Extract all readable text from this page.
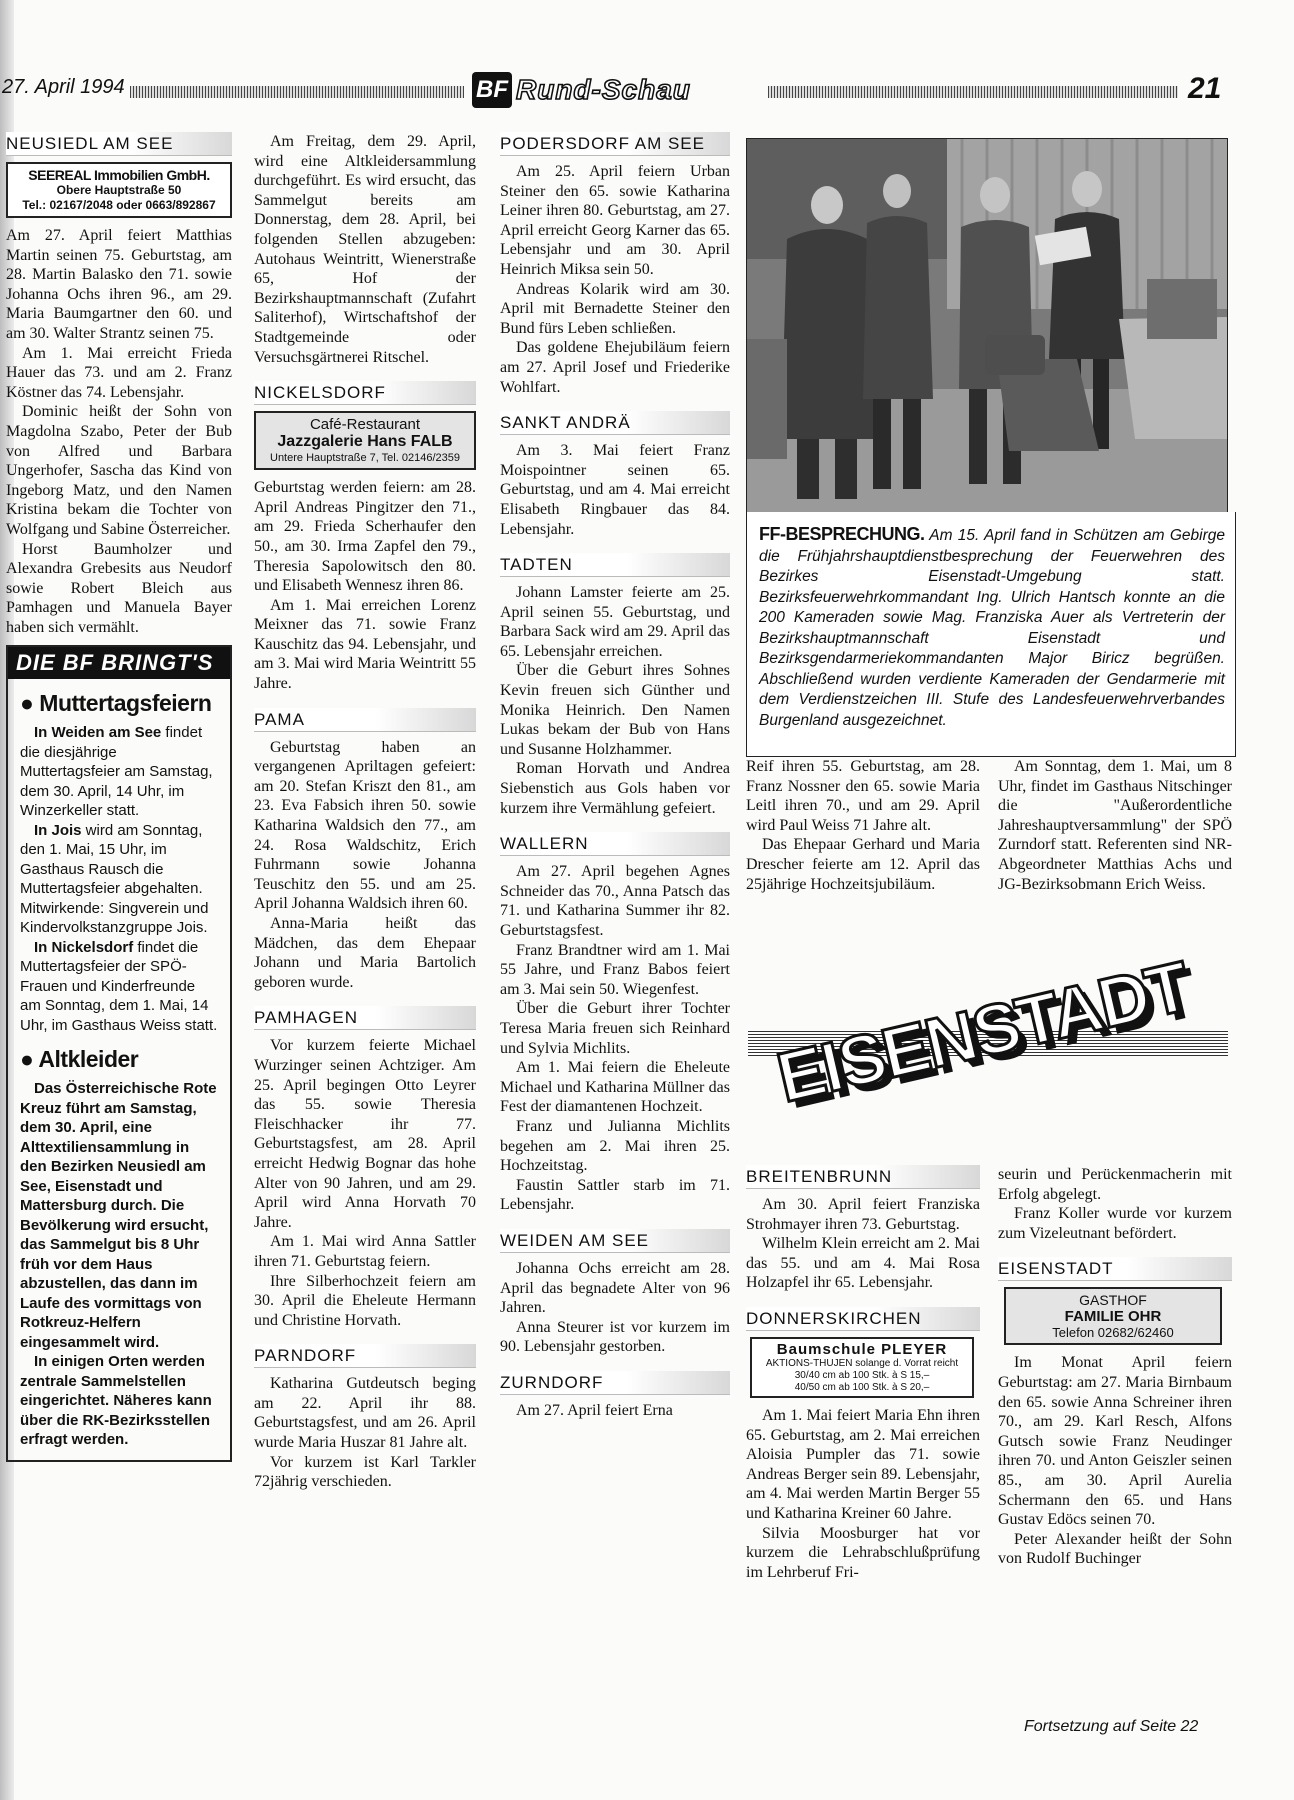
27. April 1994	BF Rund-Schau	21
NEUSIEDL AM SEE
SEEREAL Immobilien GmbH.
Obere Hauptstraße 50
Tel.: 02167/2048 oder 0663/892867

Am 27. April feiert Matthias Martin seinen 75. Geburtstag, am 28. Martin Balasko den 71. sowie Johanna Ochs ihren 96., am 29. Maria Baumgartner den 60. und am 30. Walter Strantz seinen 75.

Am 1. Mai erreicht Frieda Hauer das 73. und am 2. Franz Köstner das 74. Lebensjahr.

Dominic heißt der Sohn von Magdolna Szabo, Peter der Bub von Alfred und Barbara Ungerhofer, Sascha das Kind von Ingeborg Matz, und den Namen Kristina bekam die Tochter von Wolfgang und Sabine Österreicher.

Horst Baumholzer und Alexandra Grebesits aus Neudorf sowie Robert Bleich aus Pamhagen und Manuela Bayer haben sich vermählt.

DIE BF BRINGT'S
● Muttertagsfeiern

In Weiden am See findet die diesjährige Muttertagsfeier am Samstag, dem 30. April, 14 Uhr, im Winzerkeller statt.

In Jois wird am Sonntag, den 1. Mai, 15 Uhr, im Gasthaus Rausch die Muttertagsfeier abgehalten. Mitwirkende: Singverein und Kindervolkstanzgruppe Jois.

In Nickelsdorf findet die Muttertagsfeier der SPÖ-Frauen und Kinderfreunde am Sonntag, dem 1. Mai, 14 Uhr, im Gasthaus Weiss statt.

● Altkleider

Das Österreichische Rote Kreuz führt am Samstag, dem 30. April, eine Alttextiliensammlung in den Bezirken Neusiedl am See, Eisenstadt und Mattersburg durch. Die Bevölkerung wird ersucht, das Sammelgut bis 8 Uhr früh vor dem Haus abzustellen, das dann im Laufe des vormittags von Rotkreuz-Helfern eingesammelt wird.

In einigen Orten werden zentrale Sammelstellen eingerichtet. Näheres kann über die RK-Bezirksstellen erfragt werden.

Am Freitag, dem 29. April, wird eine Altkleidersammlung durchgeführt. Es wird ersucht, das Sammelgut bereits am Donnerstag, dem 28. April, bei folgenden Stellen abzugeben: Autohaus Weintritt, Wienerstraße 65, Hof der Bezirkshauptmannschaft (Zufahrt Saliterhof), Wirtschaftshof der Stadtgemeinde oder Versuchsgärtnerei Ritschel.

NICKELSDORF
Café-Restaurant
Jazzgalerie Hans FALB
Untere Hauptstraße 7, Tel. 02146/2359

Geburtstag werden feiern: am 28. April Andreas Pingitzer den 71., am 29. Frieda Scherhaufer den 50., am 30. Irma Zapfel den 79., Theresia Sapolowitsch den 80. und Elisabeth Wennesz ihren 86.

Am 1. Mai erreichen Lorenz Meixner das 71. sowie Franz Kauschitz das 94. Lebensjahr, und am 3. Mai wird Maria Weintritt 55 Jahre.

PAMA

Geburtstag haben an vergangenen Apriltagen gefeiert: am 20. Stefan Kriszt den 81., am 23. Eva Fabsich ihren 50. sowie Katharina Waldsich den 77., am 24. Rosa Waldschitz, Erich Fuhrmann sowie Johanna Teuschitz den 55. und am 25. April Johanna Waldsich ihren 60.

Anna-Maria heißt das Mädchen, das dem Ehepaar Johann und Maria Bartolich geboren wurde.

PAMHAGEN

Vor kurzem feierte Michael Wurzinger seinen Achtziger. Am 25. April begingen Otto Leyrer das 55. sowie Theresia Fleischhacker ihr 77. Geburtstagsfest, am 28. April erreicht Hedwig Bognar das hohe Alter von 90 Jahren, und am 29. April wird Anna Horvath 70 Jahre.

Am 1. Mai wird Anna Sattler ihren 71. Geburtstag feiern.

Ihre Silberhochzeit feiern am 30. April die Eheleute Hermann und Christine Horvath.

PARNDORF

Katharina Gutdeutsch beging am 22. April ihr 88. Geburtstagsfest, und am 26. April wurde Maria Huszar 81 Jahre alt.

Vor kurzem ist Karl Tarkler 72jährig verschieden.

PODERSDORF AM SEE

Am 25. April feiern Urban Steiner den 65. sowie Katharina Leiner ihren 80. Geburtstag, am 27. April erreicht Georg Karner das 65. Lebensjahr und am 30. April Heinrich Miksa sein 50.

Andreas Kolarik wird am 30. April mit Bernadette Steiner den Bund fürs Leben schließen.

Das goldene Ehejubiläum feiern am 27. April Josef und Friederike Wohlfart.

SANKT ANDRÄ

Am 3. Mai feiert Franz Moispointner seinen 65. Geburtstag, und am 4. Mai erreicht Elisabeth Ringbauer das 84. Lebensjahr.

TADTEN

Johann Lamster feierte am 25. April seinen 55. Geburtstag, und Barbara Sack wird am 29. April das 65. Lebensjahr erreichen.

Über die Geburt ihres Sohnes Kevin freuen sich Günther und Monika Heinrich. Den Namen Lukas bekam der Bub von Hans und Susanne Holzhammer.

Roman Horvath und Andrea Siebenstich aus Gols haben vor kurzem ihre Vermählung gefeiert.

WALLERN

Am 27. April begehen Agnes Schneider das 70., Anna Patsch das 71. und Katharina Summer ihr 82. Geburtstagsfest.

Franz Brandtner wird am 1. Mai 55 Jahre, und Franz Babos feiert am 3. Mai sein 50. Wiegenfest.

Über die Geburt ihrer Tochter Teresa Maria freuen sich Reinhard und Sylvia Michlits.

Am 1. Mai feiern die Eheleute Michael und Katharina Müllner das Fest der diamantenen Hochzeit.

Franz und Julianna Michlits begehen am 2. Mai ihren 25. Hochzeitstag.

Faustin Sattler starb im 71. Lebensjahr.

WEIDEN AM SEE

Johanna Ochs erreicht am 28. April das begnadete Alter von 96 Jahren.

Anna Steurer ist vor kurzem im 90. Lebensjahr gestorben.

ZURNDORF

Am 27. April feiert Erna

FF-BESPRECHUNG. Am 15. April fand in Schützen am Gebirge die Frühjahrshauptdienstbesprechung der Feuerwehren des Bezirkes Eisenstadt-Umgebung statt. Bezirksfeuerwehrkommandant Ing. Ulrich Hantsch konnte an die 200 Kameraden sowie Mag. Franziska Auer als Vertreterin der Bezirkshauptmannschaft Eisenstadt und Bezirksgendarmeriekommandanten Major Biricz begrüßen. Abschließend wurden verdiente Kameraden der Gendarmerie mit dem Verdienstzeichen III. Stufe des Landesfeuerwehrverbandes Burgenland ausgezeichnet.

Reif ihren 55. Geburtstag, am 28. Franz Nossner den 65. sowie Maria Leitl ihren 70., und am 29. April wird Paul Weiss 71 Jahre alt.

Das Ehepaar Gerhard und Maria Drescher feierte am 12. April das 25jährige Hochzeitsjubiläum.

Am Sonntag, dem 1. Mai, um 8 Uhr, findet im Gasthaus Nitschinger die "Außerordentliche Jahreshauptversammlung" der SPÖ Zurndorf statt. Referenten sind NR-Abgeordneter Matthias Achs und JG-Bezirksobmann Erich Weiss.

EISENSTADT
BREITENBRUNN

Am 30. April feiert Franziska Strohmayer ihren 73. Geburtstag.

Wilhelm Klein erreicht am 2. Mai das 55. und am 4. Mai Rosa Holzapfel ihr 65. Lebensjahr.

DONNERSKIRCHEN
Baumschule PLEYER
AKTIONS-THUJEN solange d. Vorrat reicht
30/40 cm ab 100 Stk. à S 15,–
40/50 cm ab 100 Stk. à S 20,–

Am 1. Mai feiert Maria Ehn ihren 65. Geburtstag, am 2. Mai erreichen Aloisia Pumpler das 71. sowie Andreas Berger sein 89. Lebensjahr, am 4. Mai werden Martin Berger 55 und Katharina Kreiner 60 Jahre.

Silvia Moosburger hat vor kurzem die Lehrabschlußprüfung im Lehrberuf Fri-

seurin und Perückenmacherin mit Erfolg abgelegt.

Franz Koller wurde vor kurzem zum Vizeleutnant befördert.

EISENSTADT
GASTHOF
FAMILIE OHR
Telefon 02682/62460

Im Monat April feiern Geburtstag: am 27. Maria Birnbaum den 65. sowie Anna Schreiner ihren 70., am 29. Karl Resch, Alfons Gutsch sowie Franz Neudinger ihren 70. und Anton Geiszler seinen 85., am 30. April Aurelia Schermann den 65. und Hans Gustav Edöcs seinen 70.

Peter Alexander heißt der Sohn von Rudolf Buchinger

Fortsetzung auf Seite 22
